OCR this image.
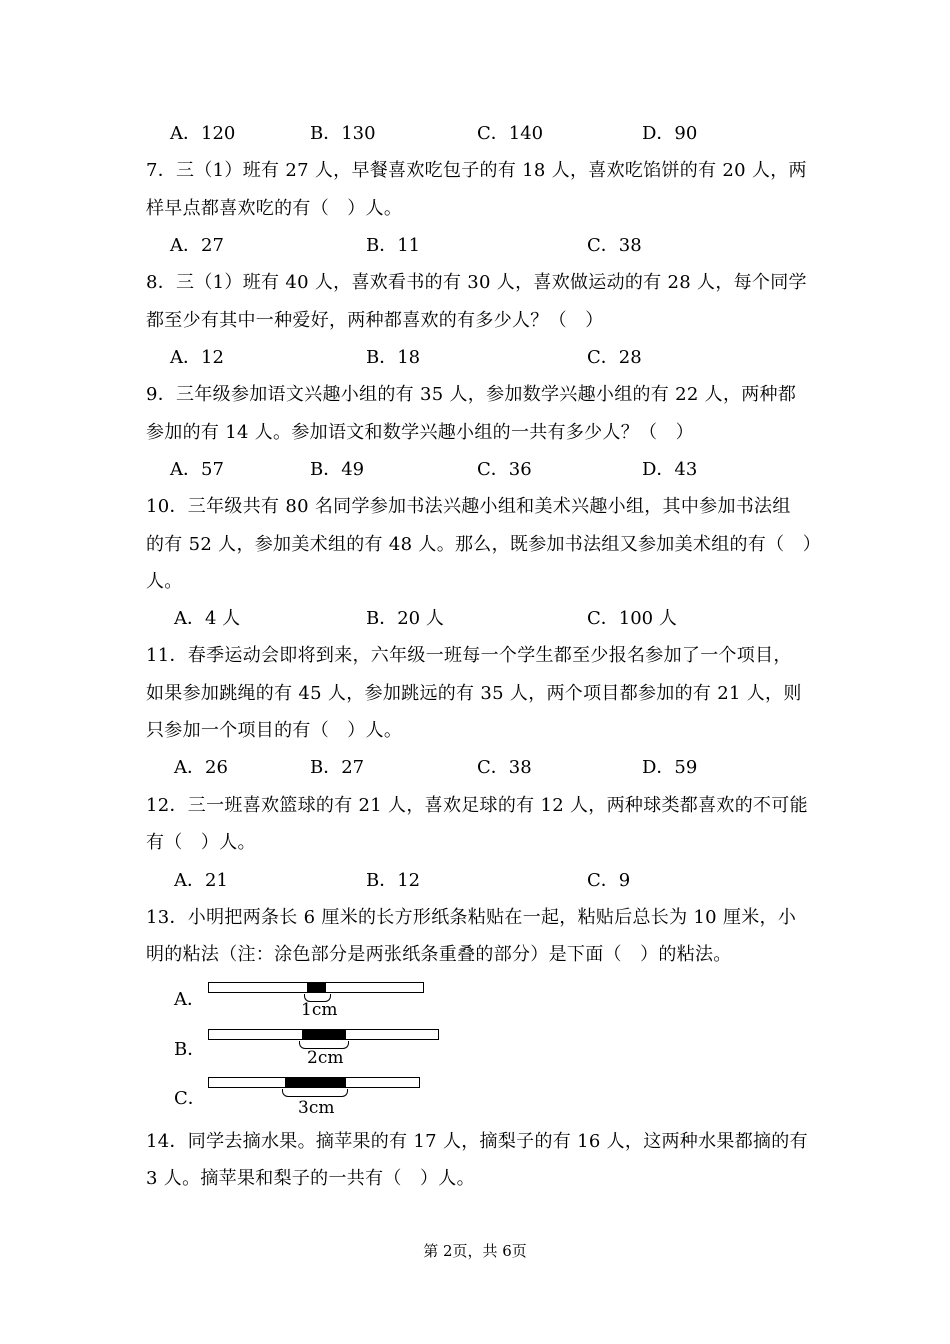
A．120	B．130	C．140	D．90
7．三（1）班有 27 人，早餐喜欢吃包子的有 18 人，喜欢吃馅饼的有 20 人，两
样早点都喜欢吃的有（　）人。
A．27	B．11	C．38
8．三（1）班有 40 人，喜欢看书的有 30 人，喜欢做运动的有 28 人，每个同学
都至少有其中一种爱好，两种都喜欢的有多少人？（　）
A．12	B．18	C．28
9．三年级参加语文兴趣小组的有 35 人，参加数学兴趣小组的有 22 人，两种都
参加的有 14 人。参加语文和数学兴趣小组的一共有多少人？（　）
A．57	B．49	C．36	D．43
10．三年级共有 80 名同学参加书法兴趣小组和美术兴趣小组，其中参加书法组
的有 52 人，参加美术组的有 48 人。那么，既参加书法组又参加美术组的有（　）
人。
A．4 人	B．20 人	C．100 人
11．春季运动会即将到来，六年级一班每一个学生都至少报名参加了一个项目，
如果参加跳绳的有 45 人，参加跳远的有 35 人，两个项目都参加的有 21 人，则
只参加一个项目的有（　）人。
A．26	B．27	C．38	D．59
12．三一班喜欢篮球的有 21 人，喜欢足球的有 12 人，两种球类都喜欢的不可能
有（　）人。
A．21	B．12	C．9
13．小明把两条长 6 厘米的长方形纸条粘贴在一起，粘贴后总长为 10 厘米，小
明的粘法（注：涂色部分是两张纸条重叠的部分）是下面（　）的粘法。
A．	1cm
B．	2cm
C．	3cm
14．同学去摘水果。摘苹果的有 17 人，摘梨子的有 16 人，这两种水果都摘的有
3 人。摘苹果和梨子的一共有（　）人。
第 2页，共 6页
